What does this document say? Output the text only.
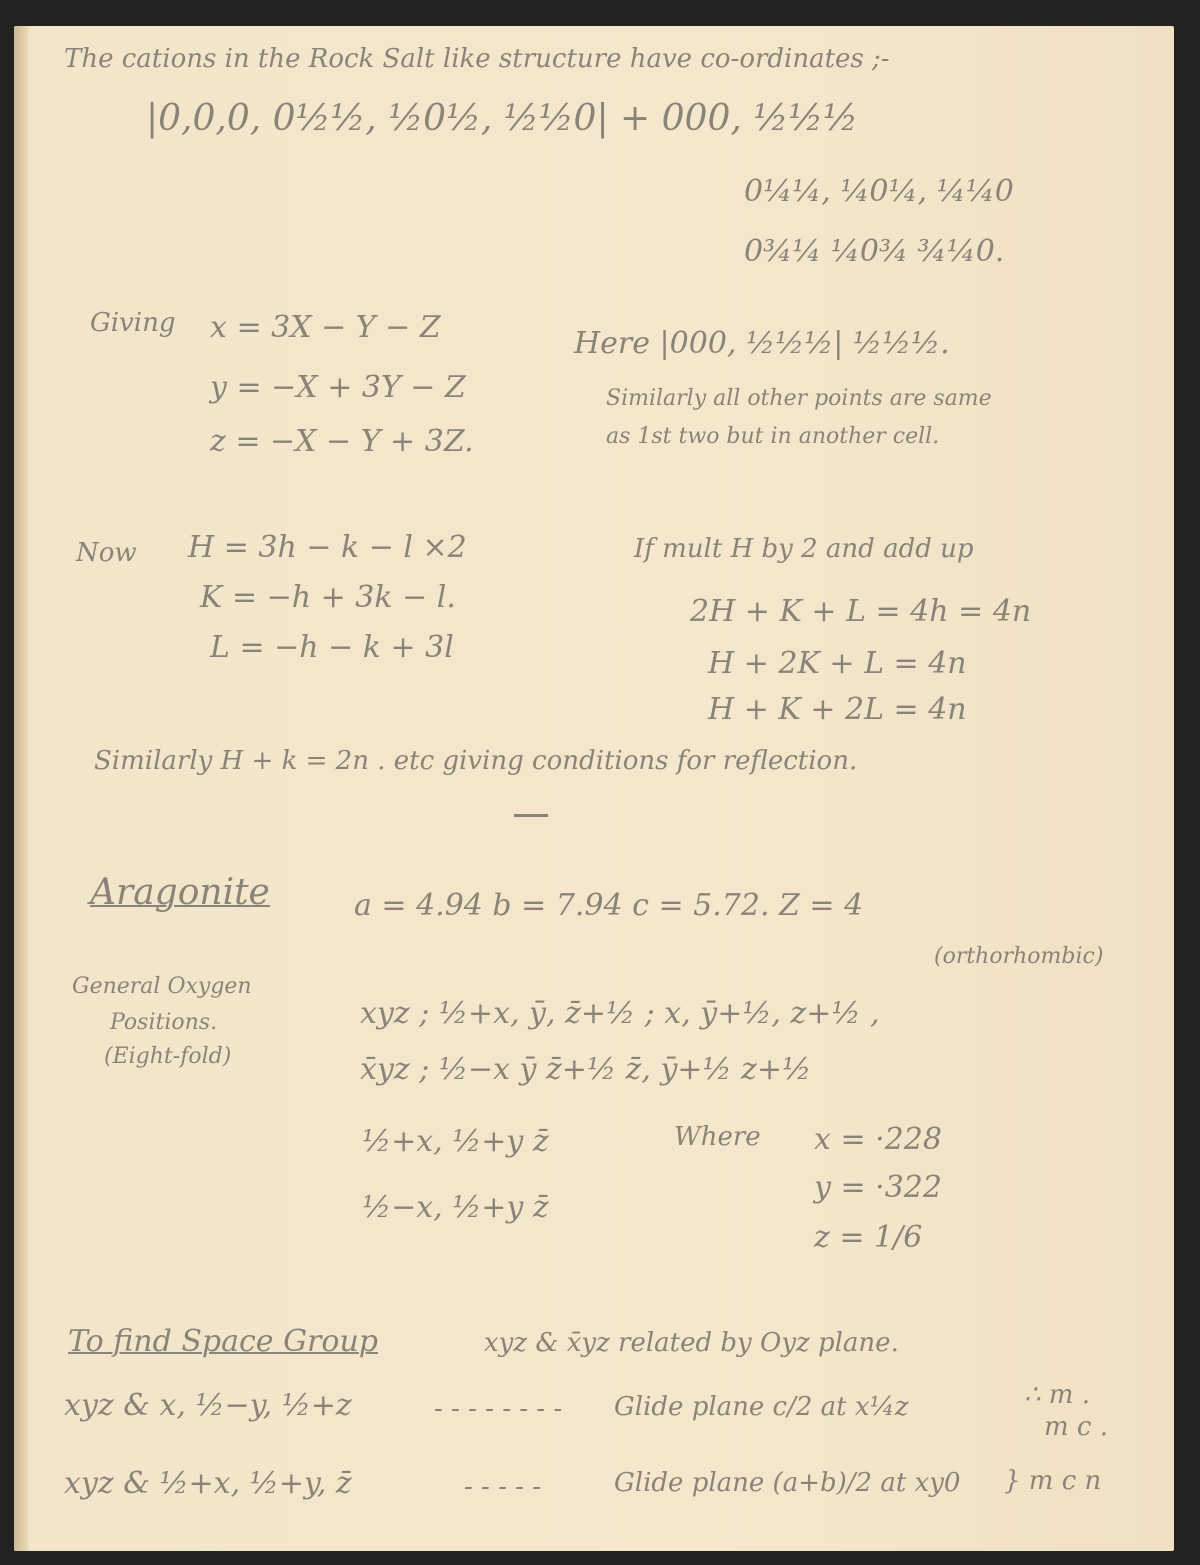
The cations in the Rock Salt like structure have co-ordinates ;-
|0,0,0, 0½½, ½0½, ½½0| + 000, ½½½
0¼¼, ¼0¼, ¼¼0
0¾¼ ¼0¾ ¾¼0.
Giving x = 3X − Y − Z
y = −X + 3Y − Z
z = −X − Y + 3Z.
Here |000, ½½½| ½½½.
Similarly all other points are same
as 1st two but in another cell.
Now H = 3h − k − l ×2
K = −h + 3k − l.
L = −h − k + 3l
If mult H by 2 and add up
2H + K + L = 4h = 4n
H + 2K + L = 4n
H + K + 2L = 4n
Similarly H + k = 2n . etc giving conditions for reflection.
Aragonite	a = 4.94 b = 7.94 c = 5.72. Z = 4
(orthorhombic)
General Oxygen
Positions.
(Eight-fold)
xyz ; ½+x, ȳ, z̄+½ ; x, ȳ+½, z+½ ,
x̄yz ; ½−x ȳ z̄+½ z̄, ȳ+½ z+½
½+x, ½+y z̄	Where x = ·228
½−x, ½+y z̄
y = ·322
z = 1/6
To find Space Group	xyz & x̄yz related by Oyz plane.
xyz & x, ½−y, ½+z	- - - - - - - - Glide plane c/2 at x¼z	∴ m .
m c .
xyz & ½+x, ½+y, z̄	- - - - -	Glide plane (a+b)/2 at xy0 } m c n
